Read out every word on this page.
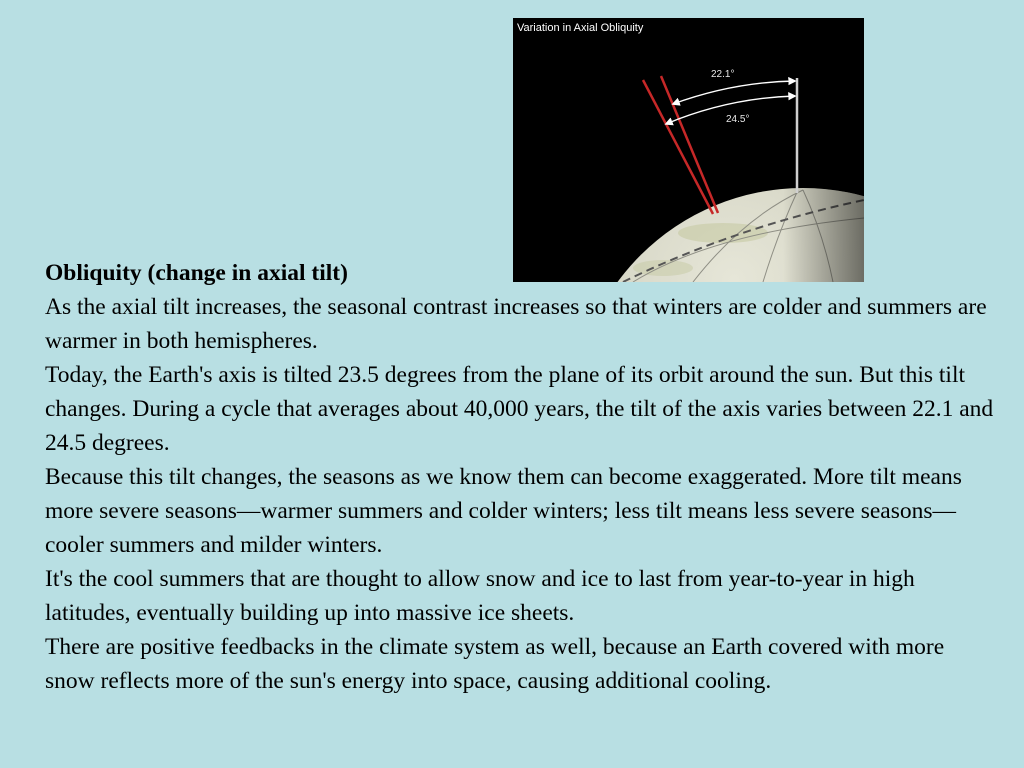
Variation in Axial Obliquity
22.1°
24.5°

Obliquity (change in axial tilt)

As the axial tilt increases, the seasonal contrast increases so that winters are colder and summers are warmer in both hemispheres.

Today, the Earth's axis is tilted 23.5 degrees from the plane of its orbit around the sun. But this tilt changes. During a cycle that averages about 40,000 years, the tilt of the axis varies between 22.1 and 24.5 degrees.

Because this tilt changes, the seasons as we know them can become exaggerated. More tilt means more severe seasons—warmer summers and colder winters; less tilt means less severe seasons—cooler summers and milder winters.

It's the cool summers that are thought to allow snow and ice to last from year-to-year in high latitudes, eventually building up into massive ice sheets.

There are positive feedbacks in the climate system as well, because an Earth covered with more snow reflects more of the sun's energy into space, causing additional cooling.
